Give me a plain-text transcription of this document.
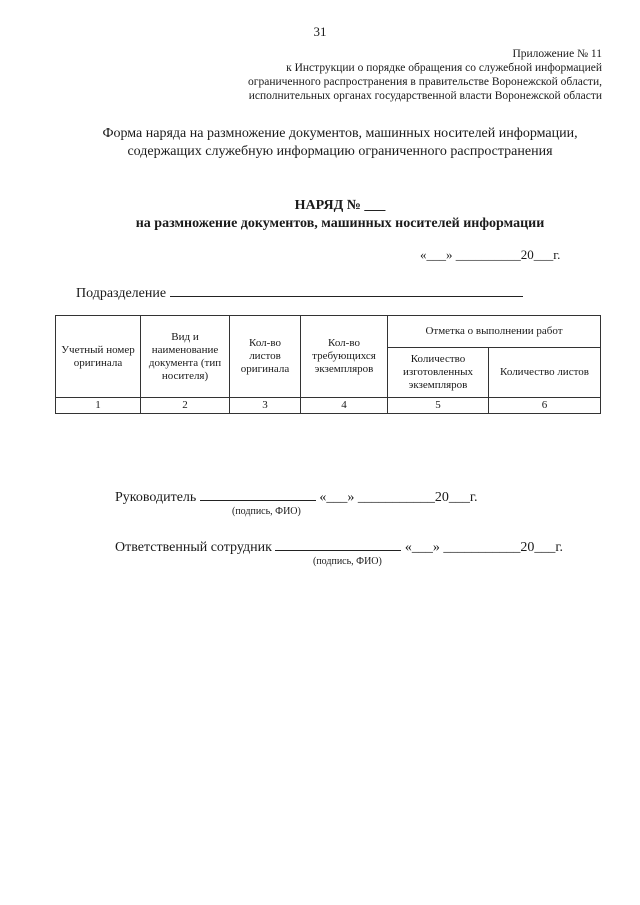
31
Приложение № 11
к Инструкции о порядке обращения со служебной информацией
ограниченного распространения в правительстве Воронежской области,
исполнительных органах государственной власти Воронежской области
Форма наряда на размножение документов, машинных носителей информации,
содержащих служебную информацию ограниченного распространения
НАРЯД № ___
на размножение документов, машинных носителей информации
«___» __________20___г.
Подразделение
Учетный номер оригинала	Вид и наименование документа (тип носителя)	Кол-во листов оригинала	Кол-во требующихся экземпляров	Отметка о выполнении работ	
				Количество изготовленных экземпляров	Количество листов
1	2	3	4	5	6
Руководитель	«___» ___________20___г.
(подпись, ФИО)
Ответственный сотрудник	«___» ___________20___г.
(подпись, ФИО)
